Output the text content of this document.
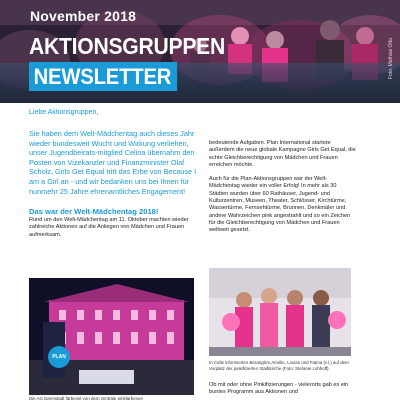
November 2018
AKTIONSGRUPPEN
NEWSLETTER	Foto: Mathias Otto

Liebe Aktionsgruppen,

Sie haben dem Welt-Mädchentag auch dieses Jahr wieder bundesweit Wucht und Wirkung verliehen, unser Jugendbeirats-mitglied Celina übernahm den Posten von Vizekanzler und Finanzminister Olaf Scholz, Girls Get Equal tritt das Erbe von Because I am a Girl an - und wir bedanken uns bei Ihnen für nunmehr 25 Jahre ehrenamtliches Engagement!

Das war der Welt-Mädchentag 2018!

Rund um den Welt-Mädchentag am 11. Oktober machten wieder zahlreiche Aktionen auf die Anliegen von Mädchen und Frauen aufmerksam.

bedeutende Aufgaben. Plan International startete außerdem die neue globale Kampagne Girls Get Equal, die echte Gleichberechtigung von Mädchen und Frauen erreichen möchte.

Auch für die Plan-Aktionsgruppen war der Welt-Mädchentag wieder ein voller Erfolg! In mehr als 30 Städten wurden über 60 Rathäuser, Jugend- und Kulturzentren, Museen, Theater, Schlösser, Kirchtürme, Wassertürme, Fernsehtürme, Brunnen, Denkmäler und andere Wahrzeichen pink angestrahlt und so ein Zeichen für die Gleichberechtigung von Mädchen und Frauen weltweit gesetzt.

PLAN

In Celle informierten Bérangère,Amélie, Louise und Fatma (v.l.) auf dem Vorplatz der pinkifizierten Stadtkirche (Foto: Stefanie Lohhoff).

Die AG Darmstadt färbemit von dem zentrale pinkfarbenen

Ob mit oder ohne Pinkifizierungen - vielerorts gab es ein buntes Programm aus Aktionen und
